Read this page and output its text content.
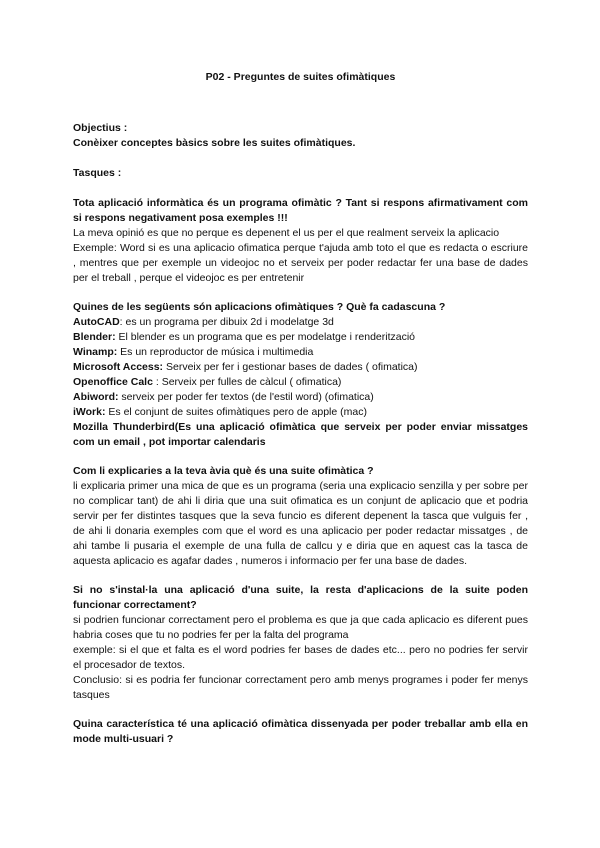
P02 - Preguntes de suites ofimàtiques

Objectius :

Conèixer conceptes bàsics sobre les suites ofimàtiques.

Tasques :

Tota aplicació informàtica és un programa ofimàtic ? Tant si respons afirmativament com si respons negativament posa exemples !!!

La meva opinió es que no perque es depenent el us per el que realment serveix la aplicacio

Exemple: Word si es una aplicacio ofimatica perque t'ajuda amb toto el que es redacta o escriure , mentres que per exemple un videojoc no et serveix per poder redactar fer una base de dades per el treball , perque el videojoc es per entretenir

Quines de les següents són aplicacions ofimàtiques ? Què fa cadascuna ?

AutoCAD: es un programa per dibuix 2d i modelatge 3d

Blender: El blender es un programa que es per modelatge i renderització

Winamp: Es un reproductor de música i multimedia

Microsoft Access: Serveix per fer i gestionar bases de dades ( ofimatica)

Openoffice Calc : Serveix per fulles de càlcul ( ofimatica)

Abiword: serveix per poder fer textos (de l'estil word) (ofimatica)

iWork: Es el conjunt de suites ofimàtiques pero de apple (mac)

Mozilla Thunderbird(Es una aplicació ofimàtica que serveix per poder enviar missatges com un email , pot importar calendaris

Com li explicaries a la teva àvia què és una suite ofimàtica ?

li explicaria primer una mica de que es un programa (seria una explicacio senzilla y per sobre per no complicar tant) de ahi li diria que una suit ofimatica es un conjunt de aplicacio que et podria servir per fer distintes tasques que la seva funcio es diferent depenent la tasca que vulguis fer , de ahi li donaria exemples com que el word es una aplicacio per poder redactar missatges , de ahi tambe li pusaria el exemple de una fulla de callcu y e diria que en aquest cas la tasca de aquesta aplicacio es agafar dades , numeros i informacio per fer una base de dades.

Si no s'instal·la una aplicació d'una suite, la resta d'aplicacions de la suite poden funcionar correctament?

si podrien funcionar correctament pero el problema es que ja que cada aplicacio es diferent pues habria coses que tu no podries fer per la falta del programa

exemple: si el que et falta es el word podries fer bases de dades etc... pero no podries fer servir el procesador de textos.

Conclusio: si es podria fer funcionar correctament pero amb menys programes i poder fer menys tasques

Quina característica té una aplicació ofimàtica dissenyada per poder treballar amb ella en mode multi-usuari ?
